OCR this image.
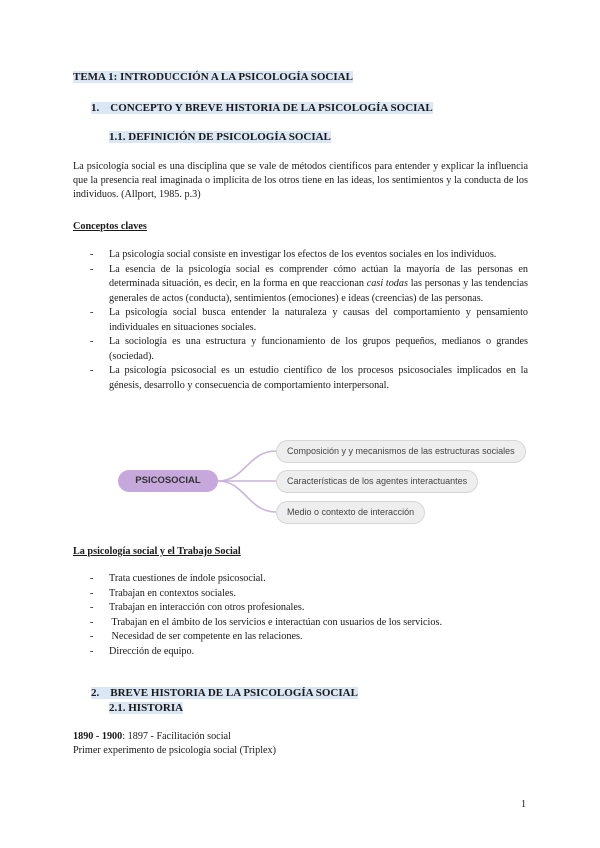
TEMA 1: INTRODUCCIÓN A LA PSICOLOGÍA SOCIAL
1. CONCEPTO Y BREVE HISTORIA DE LA PSICOLOGÍA SOCIAL
1.1. DEFINICIÓN DE PSICOLOGÍA SOCIAL
La psicología social es una disciplina que se vale de métodos científicos para entender y explicar la influencia que la presencia real imaginada o implícita de los otros tiene en las ideas, los sentimientos y la conducta de los individuos. (Allport, 1985. p.3)
Conceptos claves
- La psicología social consiste en investigar los efectos de los eventos sociales en los individuos.
- La esencia de la psicología social es comprender cómo actúan la mayoría de las personas en determinada situación, es decir, en la forma en que reaccionan casi todas las personas y las tendencias generales de actos (conducta), sentimientos (emociones) e ideas (creencias) de las personas.
- La psicología social busca entender la naturaleza y causas del comportamiento y pensamiento individuales en situaciones sociales.
- La sociología es una estructura y funcionamiento de los grupos pequeños, medianos o grandes (sociedad).
- La psicología psicosocial es un estudio científico de los procesos psicosociales implicados en la génesis, desarrollo y consecuencia de comportamiento interpersonal.
PSICOSOCIAL
Composición y y mecanismos de las estructuras sociales
Características de los agentes interactuantes
Medio o contexto de interacción
La psicología social y el Trabajo Social
- Trata cuestiones de índole psicosocial.
- Trabajan en contextos sociales.
- Trabajan en interacción con otros profesionales.
-  Trabajan en el ámbito de los servicios e interactúan con usuarios de los servicios.
-  Necesidad de ser competente en las relaciones.
- Dirección de equipo.
2. BREVE HISTORIA DE LA PSICOLOGÍA SOCIAL
2.1. HISTORIA
1890 - 1900: 1897 - Facilitación social
Primer experimento de psicología social (Triplex)
1
